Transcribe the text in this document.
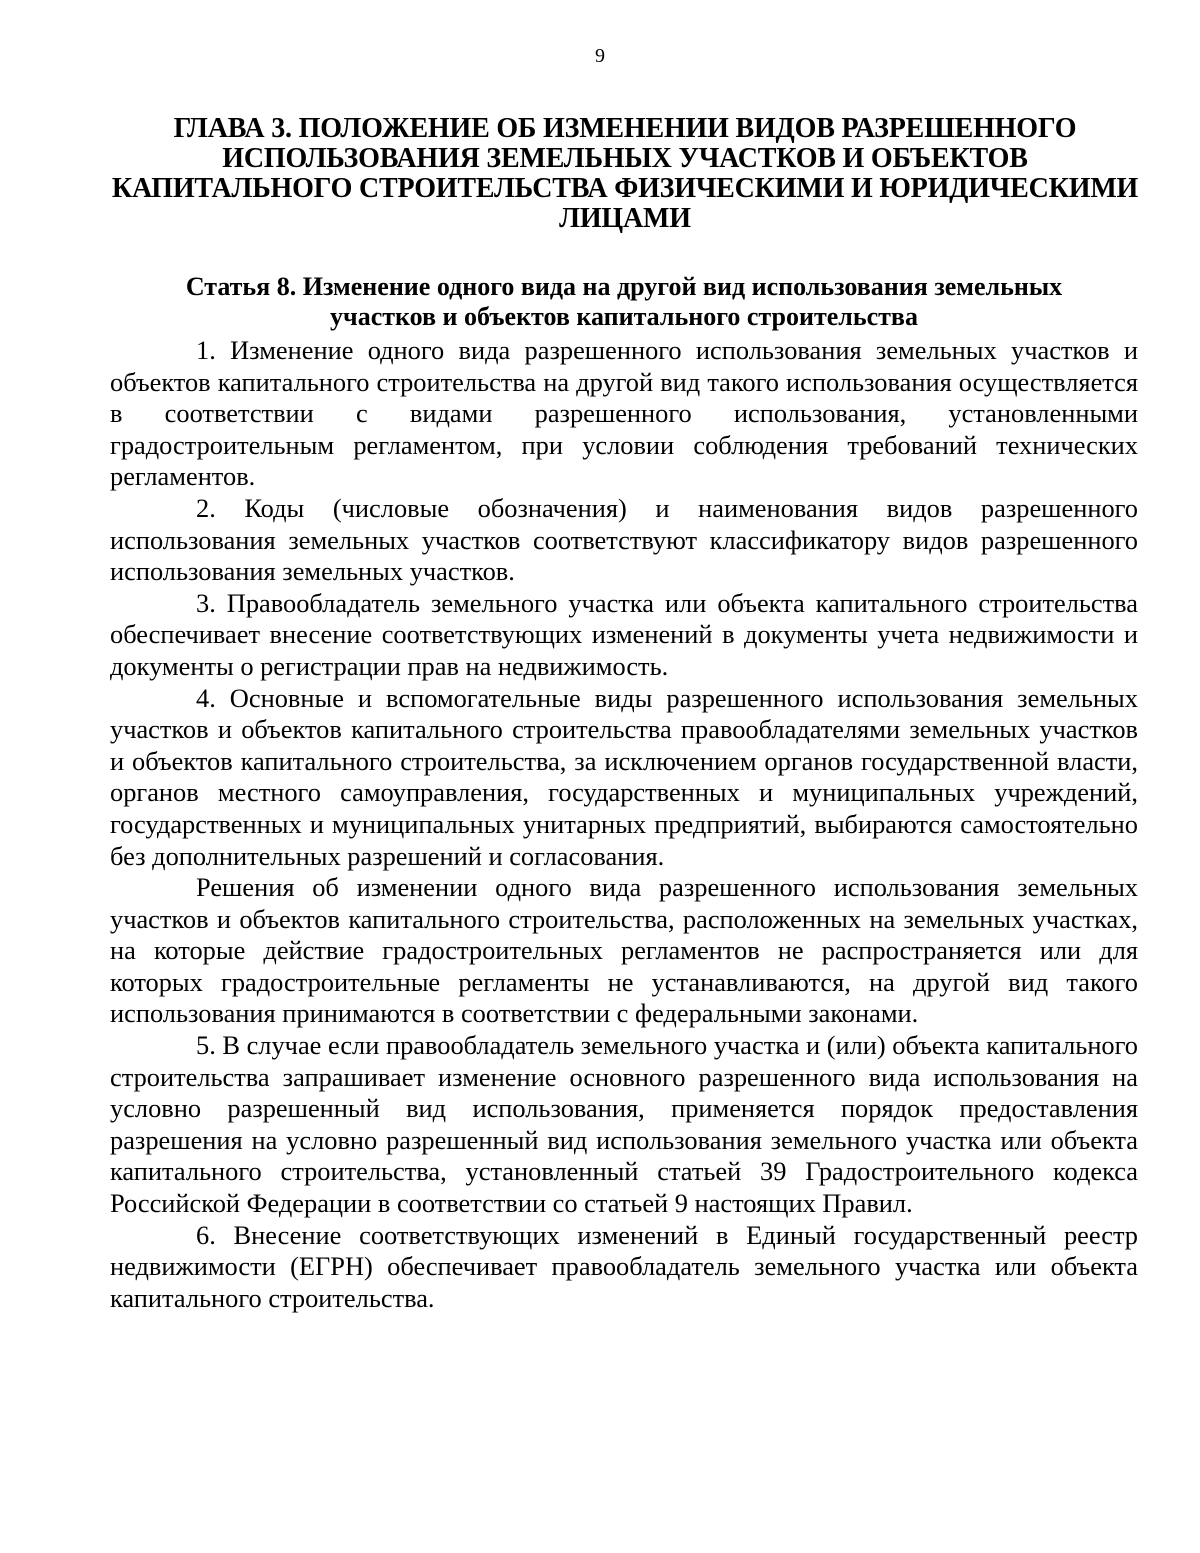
9
ГЛАВА 3. ПОЛОЖЕНИЕ ОБ ИЗМЕНЕНИИ ВИДОВ РАЗРЕШЕННОГО
ИСПОЛЬЗОВАНИЯ ЗЕМЕЛЬНЫХ УЧАСТКОВ И ОБЪЕКТОВ
КАПИТАЛЬНОГО СТРОИТЕЛЬСТВА ФИЗИЧЕСКИМИ И ЮРИДИЧЕСКИМИ
ЛИЦАМИ
Статья 8. Изменение одного вида на другой вид использования земельных
участков и объектов капитального строительства

1. Изменение одного вида разрешенного использования земельных участков и объектов капитального строительства на другой вид такого использования осуществляется в соответствии с видами разрешенного использования, установленными градостроительным регламентом, при условии соблюдения требований технических регламентов.

2. Коды (числовые обозначения) и наименования видов разрешенного использования земельных участков соответствуют классификатору видов разрешенного использования земельных участков.

3. Правообладатель земельного участка или объекта капитального строительства обеспечивает внесение соответствующих изменений в документы учета недвижимости и документы о регистрации прав на недвижимость.

4. Основные и вспомогательные виды разрешенного использования земельных участков и объектов капитального строительства правообладателями земельных участков и объектов капитального строительства, за исключением органов государственной власти, органов местного самоуправления, государственных и муниципальных учреждений, государственных и муниципальных унитарных предприятий, выбираются самостоятельно без дополнительных разрешений и согласования.

Решения об изменении одного вида разрешенного использования земельных участков и объектов капитального строительства, расположенных на земельных участках, на которые действие градостроительных регламентов не распространяется или для которых градостроительные регламенты не устанавливаются, на другой вид такого использования принимаются в соответствии с федеральными законами.

5. В случае если правообладатель земельного участка и (или) объекта капитального строительства запрашивает изменение основного разрешенного вида использования на условно разрешенный вид использования, применяется порядок предоставления разрешения на условно разрешенный вид использования земельного участка или объекта капитального строительства, установленный статьей 39 Градостроительного кодекса Российской Федерации в соответствии со статьей 9 настоящих Правил.

6. Внесение соответствующих изменений в Единый государственный реестр недвижимости (ЕГРН) обеспечивает правообладатель земельного участка или объекта капитального строительства.
